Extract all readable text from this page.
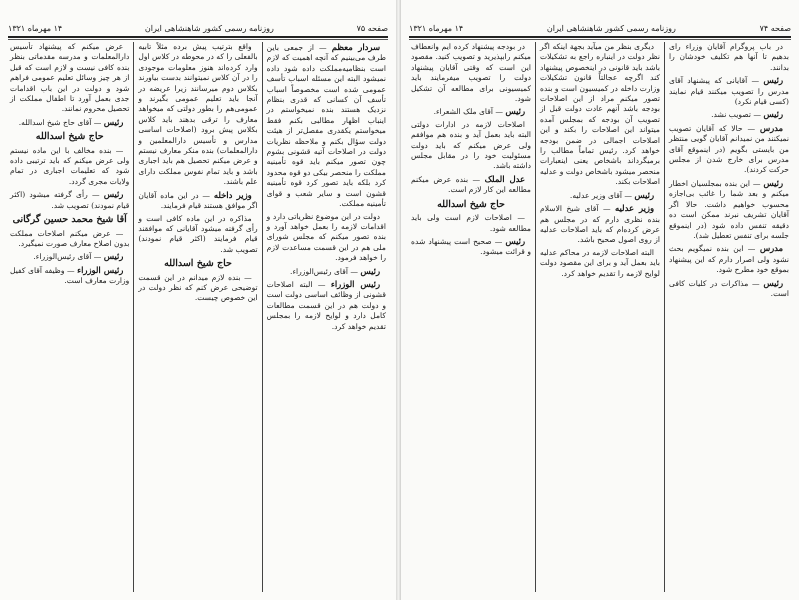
صفحه ۷۵
روزنامه رسمی کشور شاهنشاهی ایران
۱۴ مهرماه ۱۳۲۱

سردار معظم — از جمعی باین طرف می‌بینیم که آنچه اهمیت که لازم است بنظامیه‌مملکت داده شود داده نمیشود البته این مسئله اسباب تأسف عمومی شده است مخصوصاً اسباب تأسف آن کسانی که قدری بنظام نزدیک هستند بنده نمیخواستم در اینباب اظهار مطالبی بکنم فقط میخواستم یکقدری مفصل‌تر از هیئت دولت سؤال بکنم و ملاحظه نظریات دولت در اصلاحات آتیه قشونی بشوم چون تصور میکنم باید قوه تأمینیه مملکت را منحصر بیکی دو قوه محدود کرد بلکه باید تصور کرد قوه تأمینیه قشون است و سایر شعب و قوای تأمینیه مملکت.

دولت در این موضوع نظریاتی دارد و اقدامات لازمه را بعمل خواهد آورد و بنده تصور میکنم که مجلس شورای ملی هم در این قسمت مساعدت لازم را خواهد فرمود.

رئیس — آقای رئیس‌الوزراء.

رئیس الوزراء — البته اصلاحات قشونی از وظائف اساسی دولت است و دولت هم در این قسمت مطالعات کامل دارد و لوایح لازمه را بمجلس تقدیم خواهد کرد.

واقع بترتیب پیش برده مثلاً تابیه بالفعلی را که در محوطه در کلاس اول وارد کرده‌اند هنوز معلومات موجودی را در آن کلاس نمیتوانند بدست بیاورند بکلاس دوم میرسانند زیرا عریضه در آنجا باید تعلیم عمومی بگیرند و عمومی‌هم را بطور دولتی که میخواهد معارف را ترقی بدهند باید کلاس بکلاس پیش برود (اصلاحات اساسی مدارس و تأسیس دارالمعلمین و دارالمعلمات) بنده منکر معارف نیستم و عرض میکنم تحصیل هم باید اجباری باشد و باید تمام نفوس مملکت دارای علم باشند.

وزیر داخله — در این ماده آقایان اگر موافق هستند قیام فرمایند.

مذاکره در این ماده کافی است و رأی گرفته میشود آقایانی که موافقند قیام فرمایند (اکثر قیام نمودند) تصویب شد.

حاج شیخ اسدالله

— بنده لازم میدانم در این قسمت توضیحی عرض کنم که نظر دولت در این خصوص چیست.

عرض میکنم که پیشنهاد تأسیس دارالمعلمات و مدرسه مقدماتی بنظر بنده کافی نیست و لازم است که قبل از هر چیز وسائل تعلیم عمومی فراهم شود و دولت در این باب اقدامات جدی بعمل آورد تا اطفال مملکت از تحصیل محروم نمانند.

رئیس — آقای حاج شیخ اسدالله.

حاج شیخ اسدالله

— بنده مخالف با این ماده نیستم ولی عرض میکنم که باید ترتیبی داده شود که تعلیمات اجباری در تمام ولایات مجری گردد.

رئیس — رأی گرفته میشود (اکثر قیام نمودند) تصویب شد.

آقا شیخ محمد حسین گرگانی

— عرض میکنم اصلاحات مملکت بدون اصلاح معارف صورت نمیگیرد.

رئیس — آقای رئیس‌الوزراء.

رئیس الوزراء — وظیفه آقای کفیل وزارت معارف است.

صفحه ۷۴
روزنامه رسمی کشور شاهنشاهی ایران
۱۴ مهرماه ۱۳۲۱

در باب پروگرام آقایان وزراء رای بدهیم تا آنها هم تکلیف خودشان را بدانند.

رئیس — آقایانی که پیشنهاد آقای مدرس را تصویب میکنند قیام نمایند (کسی قیام نکرد)

رئیس — تصویب نشد.

مدرس — حالا که آقایان تصویب نمیکنند من نمیدانم آقایان گویی منتظر من بایستی بگویم (در اینموقع آقای مدرس برای خارج شدن از مجلس حرکت کردند).

رئیس — این بنده بمجلسیان اخطار میکنم و بعد شما را غائب بی‌اجازه محسوب خواهیم داشت. حالا اگر آقایان تشریف نبرند ممکن است ده دقیقه تنفس داده شود (در اینموقع جلسه برای تنفس تعطیل شد).

مدرس — این بنده نمیگویم بحث نشود ولی اصرار دارم که این پیشنهاد بموقع خود مطرح شود.

رئیس — مذاکرات در کلیات کافی است.

دیگری بنظر من میآید بجهة اینکه اگر نظر دولت در اینباره راجع به تشکیلات باشد باید قانونی در اینخصوص پیشنهاد کند اگرچه عجالتاً قانون تشکیلات وزارت داخله در کمیسیون است و بنده تصور میکنم مراد از این اصلاحات بودجه باشد آنهم عادت دولت قبل از تصویب آن بودجه که بمجلس آمده میتواند این اصلاحات را بکند و این اصلاحات اجمالی در ضمن بودجه خواهد کرد. رئیس تماماً مطالب را برمیگرداند باشخاص یعنی اینعبارات منحصر میشود باشخاص دولت و عدلیه اصلاحات بکند.

رئیس — آقای وزیر عدلیه.

وزیر عدلیه — آقای شیخ الاسلام بنده نظری دارم که در مجلس هم عرض کرده‌ام که باید اصلاحات عدلیه از روی اصول صحیح باشد.

البته اصلاحات لازمه در محاکم عدلیه باید بعمل آید و برای این مقصود دولت لوایح لازمه را تقدیم خواهد کرد.

در بودجه پیشنهاد کرده ایم وانعطاف میکنم رابپذیرید و تصویب کنید. مقصود این است که وقتی آقایان پیشنهاد دولت را تصویب میفرمایند باید کمیسیونی برای مطالعه آن تشکیل شود.

رئیس — آقای ملک الشعراء.

اصلاحات لازمه در ادارات دولتی البته باید بعمل آید و بنده هم موافقم ولی عرض میکنم که باید دولت مسئولیت خود را در مقابل مجلس داشته باشد.

عدل الملک — بنده عرض میکنم مطالعه این کار لازم است.

حاج شیخ اسدالله

— اصلاحات لازم است ولی باید مطالعه شود.

رئیس — صحیح است پیشنهاد شده و قرائت میشود.
